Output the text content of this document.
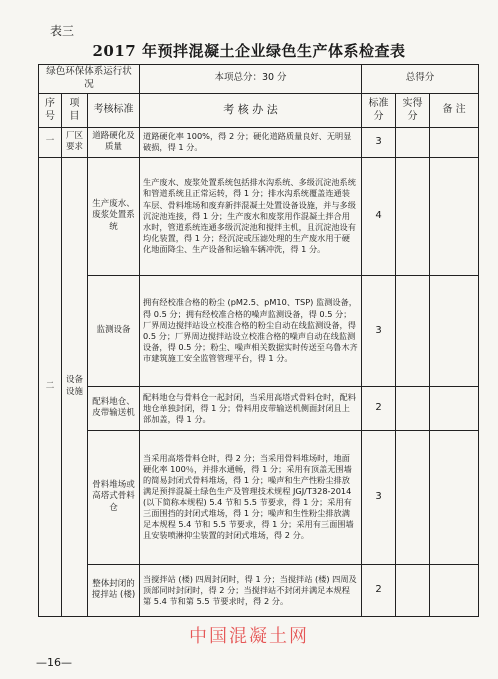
表三
2017 年预拌混凝土企业绿色生产体系检查表
绿色环保体系运行状况			本项总分：30 分	总得分		
序号	项目	考核标准	考 核 办 法	标准分	实得分	备 注
一	厂区要求	道路硬化及质量	道路硬化率 100%，得 2 分；硬化道路质量良好、无明显破损，得 1 分。	3		
二	设备设施	生产废水、废浆处置系统	生产废水、废浆处置系统包括排水沟系统、多级沉淀池系统和管道系统且正常运转，得 1 分；排水沟系统覆盖连通装车层、骨料堆场和废弃新拌混凝土处置设备设施，并与多级沉淀池连接，得 1 分；生产废水和废浆用作混凝土拌合用水时，管道系统连通多级沉淀池和搅拌主机，且沉淀池设有均化装置，得 1 分；经沉淀或压滤处理的生产废水用于硬化地面降尘、生产设备和运输车辆冲洗，得 1 分。	4		
		监测设备	拥有经校准合格的粉尘 (pM2.5、pM10、TSP) 监测设备，得 0.5 分；拥有经校准合格的噪声监测设备，得 0.5 分；厂界周边搅拌站设立校准合格的粉尘自动在线监测设备，得 0.5 分；厂界周边搅拌站设立校准合格的噪声自动在线监测设备，得 0.5 分；粉尘、噪声相关数据实时传送至乌鲁木齐市建筑施工安全监管管理平台，得 1 分。	3		
		配料地仓、皮带输送机	配料地仓与骨料仓一起封闭，当采用高塔式骨料仓时，配料地仓单独封闭，得 1 分；骨料用皮带输送机侧面封闭且上部加盖，得 1 分。	2		
		骨料堆场或高塔式骨料仓	当采用高塔骨料仓时，得 2 分；当采用骨料堆场时，地面硬化率 100％，并排水通畅，得 1 分；采用有顶盖无围墙的简易封闭式骨料堆场，得 1 分；噪声和生产性粉尘排放满足预拌混凝土绿色生产及管理技术规程 JGJ/T328-2014 (以下简称本规程) 5.4 节和 5.5 节要求，得 1 分；采用有三面围挡的封闭式堆场，得 1 分；噪声和生性粉尘排放满足本规程 5.4 节和 5.5 节要求，得 1 分；采用有三面围墙且安装喷淋抑尘装置的封闭式堆场，得 2 分。	3		
		整体封闭的搅拌站 (楼)	当搅拌站 (楼) 四周封闭时，得 1 分；当搅拌站 (楼) 四周及顶部同时封闭时，得 2 分；当搅拌站不封闭并满足本规程第 5.4 节和第 5.5 节要求时，得 2 分。	2		
中国混凝土网
—16—
